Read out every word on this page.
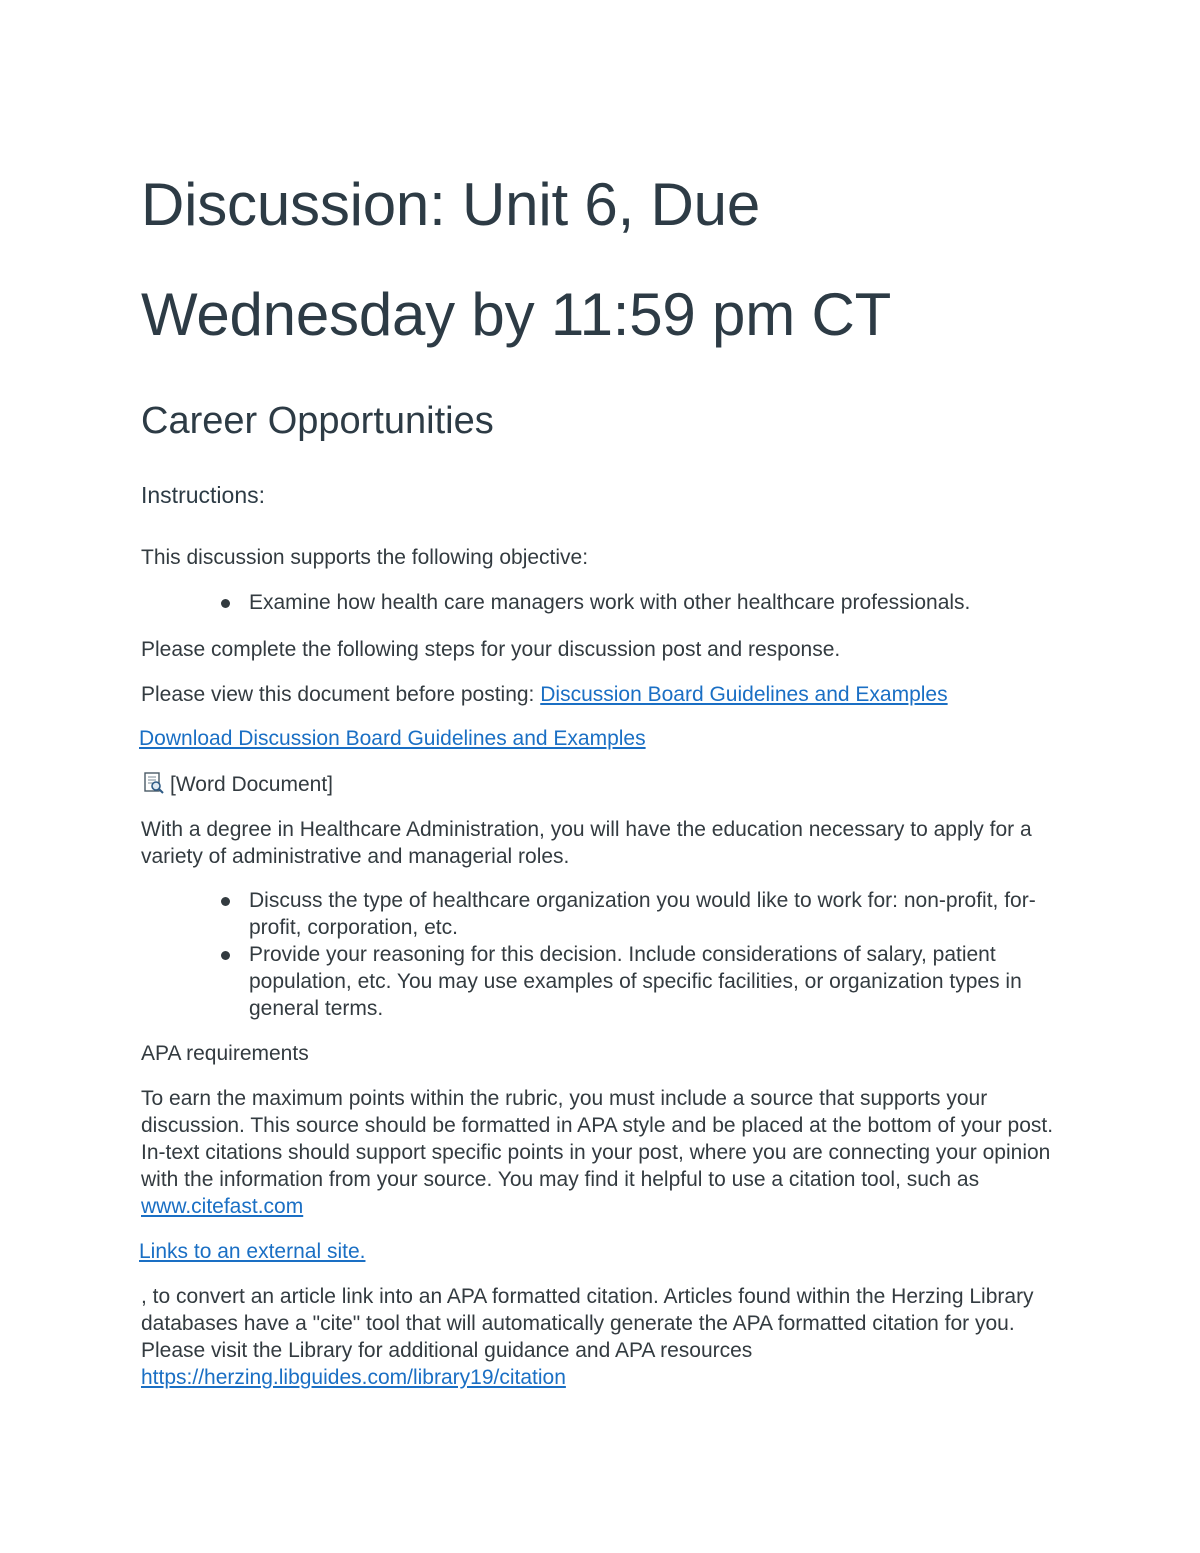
Discussion: Unit 6, Due
Wednesday by 11:59 pm CT
Career Opportunities
Instructions:

This discussion supports the following objective:

Examine how health care managers work with other healthcare professionals.

Please complete the following steps for your discussion post and response.

Please view this document before posting: Discussion Board Guidelines and Examples

Download Discussion Board Guidelines and Examples

[Word Document]

With a degree in Healthcare Administration, you will have the education necessary to apply for a variety of administrative and managerial roles.

Discuss the type of healthcare organization you would like to work for: non-profit, for-profit, corporation, etc.
Provide your reasoning for this decision. Include considerations of salary, patient population, etc. You may use examples of specific facilities, or organization types in general terms.

APA requirements

To earn the maximum points within the rubric, you must include a source that supports your discussion. This source should be formatted in APA style and be placed at the bottom of your post. In-text citations should support specific points in your post, where you are connecting your opinion with the information from your source. You may find it helpful to use a citation tool, such as www.citefast.com

Links to an external site.

, to convert an article link into an APA formatted citation. Articles found within the Herzing Library databases have a "cite" tool that will automatically generate the APA formatted citation for you. Please visit the Library for additional guidance and APA resources https://herzing.libguides.com/library19/citation
